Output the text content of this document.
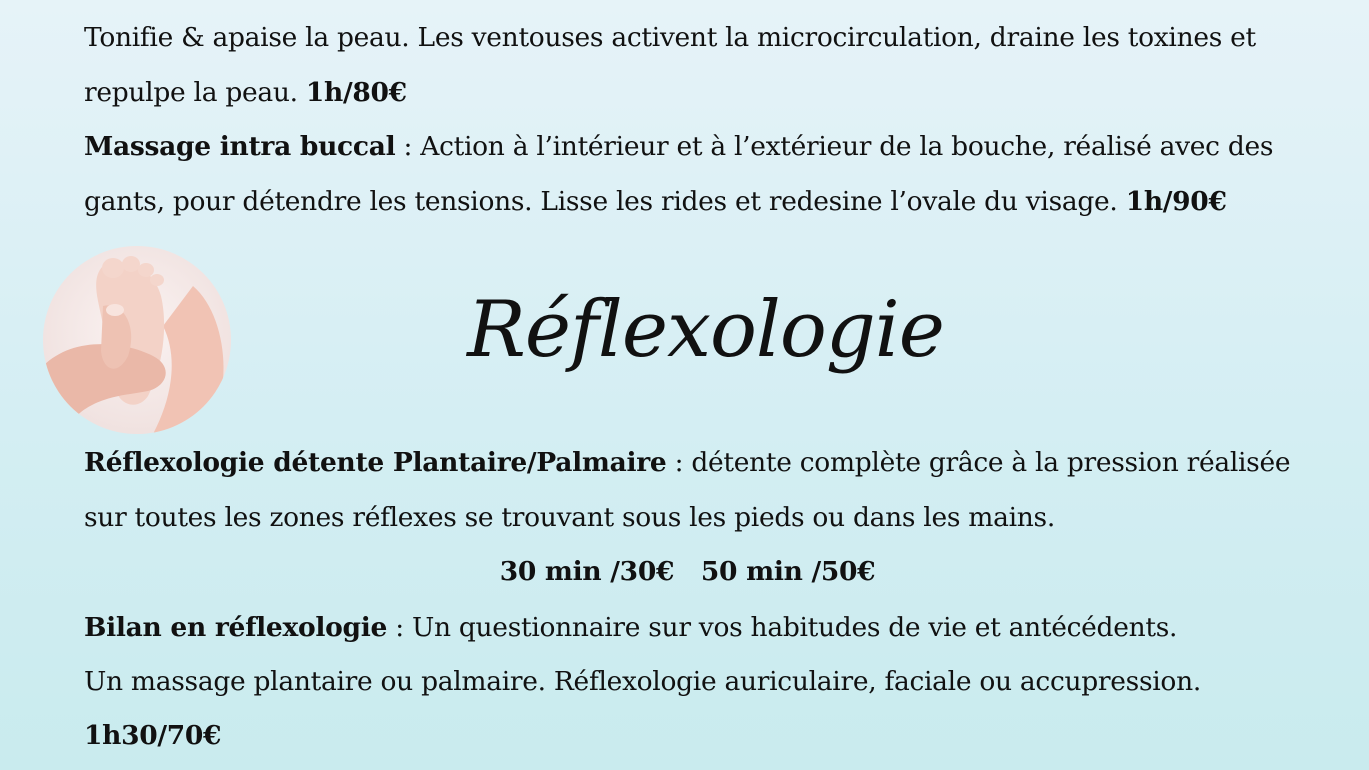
Tonifie & apaise la peau. Les ventouses activent la microcirculation, draine les toxines et

repulpe la peau. 1h/80€

Massage intra buccal : Action à l’intérieur et à l’extérieur de la bouche, réalisé avec des

gants, pour détendre les tensions. Lisse les rides et redesine l’ovale du visage. 1h/90€

Réflexologie

Réflexologie détente Plantaire/Palmaire : détente complète grâce à la pression réalisée

sur toutes les zones réflexes se trouvant sous les pieds ou dans les mains.

30 min /30€   50 min /50€

Bilan en réflexologie : Un questionnaire sur vos habitudes de vie et antécédents.

Un massage plantaire ou palmaire. Réflexologie auriculaire, faciale ou accupression.

1h30/70€
